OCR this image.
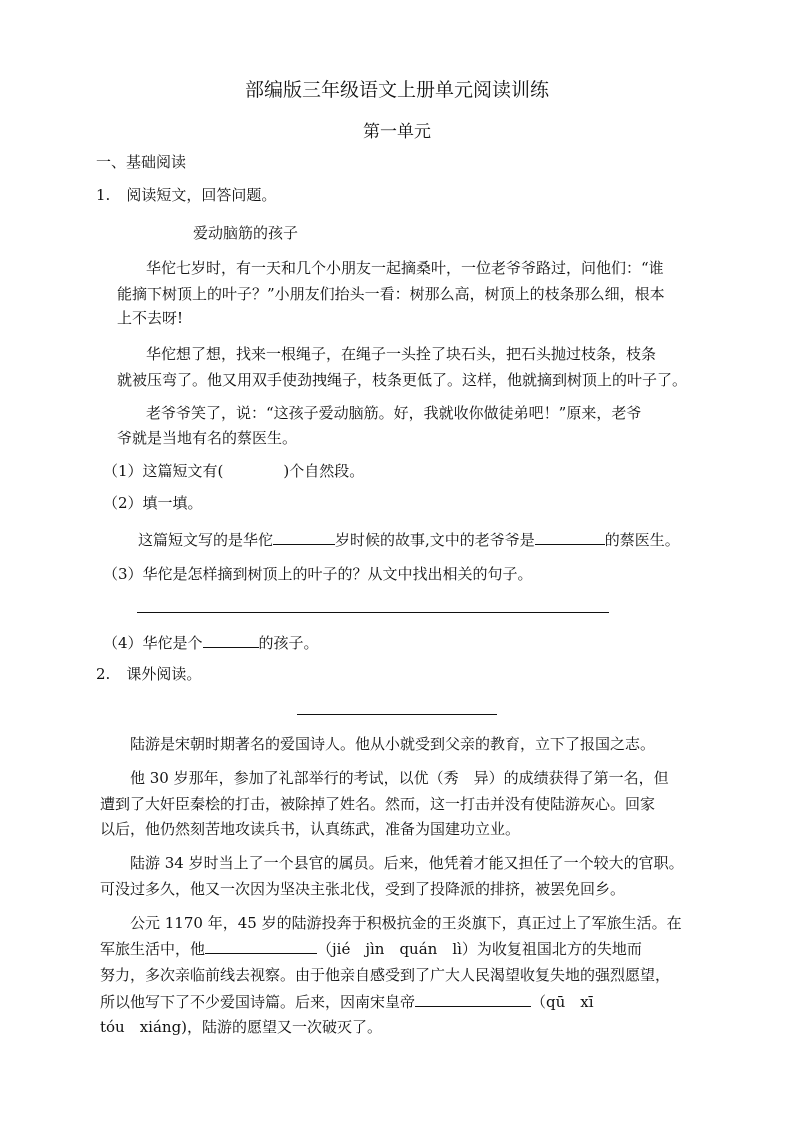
部编版三年级语文上册单元阅读训练
第一单元
一、基础阅读
1. 阅读短文，回答问题。
爱动脑筋的孩子
华佗七岁时，有一天和几个小朋友一起摘桑叶，一位老爷爷路过，问他们：“谁
能摘下树顶上的叶子？”小朋友们抬头一看：树那么高，树顶上的枝条那么细，根本
上不去呀!
华佗想了想，找来一根绳子，在绳子一头拴了块石头，把石头抛过枝条，枝条
就被压弯了。他又用双手使劲拽绳子，枝条更低了。这样，他就摘到树顶上的叶子了。
老爷爷笑了，说：“这孩子爱动脑筋。好，我就收你做徒弟吧！”原来，老爷
爷就是当地有名的蔡医生。
（1）这篇短文有(	)个自然段。
（2）填一填。
这篇短文写的是华佗	岁时候的故事,文中的老爷爷是	的蔡医生。
（3）华佗是怎样摘到树顶上的叶子的？从文中找出相关的句子。
（4）华佗是个	的孩子。
2. 课外阅读。
陆游是宋朝时期著名的爱国诗人。他从小就受到父亲的教育，立下了报国之志。
他 30 岁那年，参加了礼部举行的考试，以优（秀　异）的成绩获得了第一名，但
遭到了大奸臣秦桧的打击，被除掉了姓名。然而，这一打击并没有使陆游灰心。回家
以后，他仍然刻苦地攻读兵书，认真练武，准备为国建功立业。
陆游 34 岁时当上了一个县官的属员。后来，他凭着才能又担任了一个较大的官职。
可没过多久，他又一次因为坚决主张北伐，受到了投降派的排挤，被罢免回乡。
公元 1170 年，45 岁的陆游投奔于积极抗金的王炎旗下，真正过上了军旅生活。在
军旅生活中，他	（jié　jìn　quán　lì）为收复祖国北方的失地而
努力，多次亲临前线去视察。由于他亲自感受到了广大人民渴望收复失地的强烈愿望，
所以他写下了不少爱国诗篇。后来，因南宋皇帝	（qū　xī
tóu　xiáng)，陆游的愿望又一次破灭了。
